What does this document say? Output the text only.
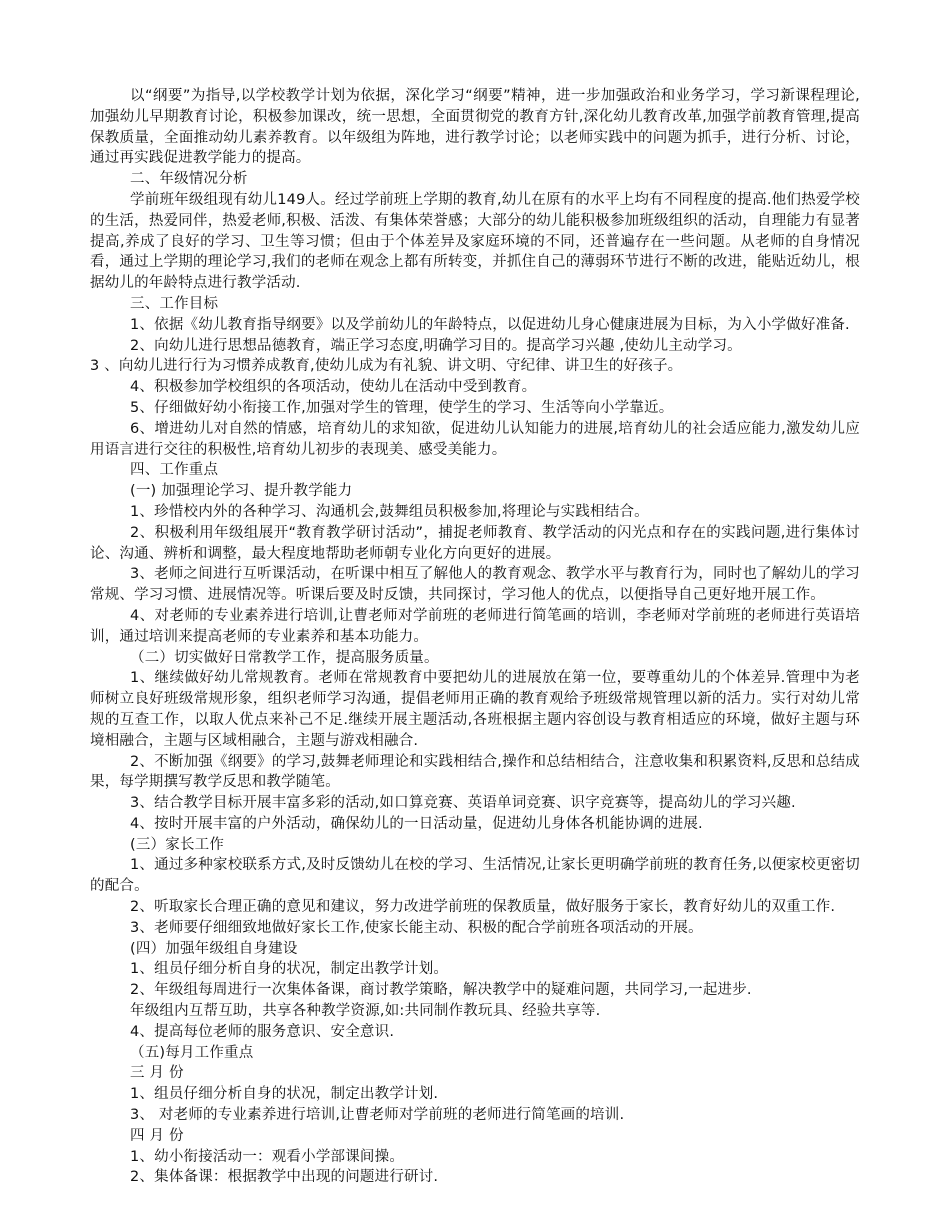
以“纲要”为指导,以学校教学计划为依据，深化学习“纲要”精神，进一步加强政治和业务学习，学习新课程理论,加强幼儿早期教育讨论，积极参加课改，统一思想，全面贯彻党的教育方针,深化幼儿教育改革,加强学前教育管理,提高保教质量，全面推动幼儿素养教育。以年级组为阵地，进行教学讨论；以老师实践中的问题为抓手，进行分析、讨论，通过再实践促进教学能力的提高。

二、年级情况分析

学前班年级组现有幼儿149人。经过学前班上学期的教育,幼儿在原有的水平上均有不同程度的提高.他们热爱学校的生活，热爱同伴，热爱老师,积极、活泼、有集体荣誉感；大部分的幼儿能积极参加班级组织的活动，自理能力有显著提高,养成了良好的学习、卫生等习惯；但由于个体差异及家庭环境的不同，还普遍存在一些问题。从老师的自身情况看，通过上学期的理论学习,我们的老师在观念上都有所转变，并抓住自己的薄弱环节进行不断的改进，能贴近幼儿，根据幼儿的年龄特点进行教学活动.

三、工作目标

1、依据《幼儿教育指导纲要》以及学前幼儿的年龄特点，以促进幼儿身心健康进展为目标，为入小学做好准备.

2、向幼儿进行思想品德教育，端正学习态度,明确学习目的。提高学习兴趣 ,使幼儿主动学习。

3 、向幼儿进行行为习惯养成教育,使幼儿成为有礼貌、讲文明、守纪律、讲卫生的好孩子。

4、积极参加学校组织的各项活动，使幼儿在活动中受到教育。

5、仔细做好幼小衔接工作,加强对学生的管理，使学生的学习、生活等向小学靠近。

6、增进幼儿对自然的情感，培育幼儿的求知欲，促进幼儿认知能力的进展,培育幼儿的社会适应能力,激发幼儿应用语言进行交往的积极性,培育幼儿初步的表现美、感受美能力。

四、工作重点

(一) 加强理论学习、提升教学能力

1、珍惜校内外的各种学习、沟通机会,鼓舞组员积极参加,将理论与实践相结合。

2、积极利用年级组展开“教育教学研讨活动”，捕捉老师教育、教学活动的闪光点和存在的实践问题,进行集体讨论、沟通、辨析和调整，最大程度地帮助老师朝专业化方向更好的进展。

3、老师之间进行互听课活动，在听课中相互了解他人的教育观念、教学水平与教育行为，同时也了解幼儿的学习常规、学习习惯、进展情况等。听课后要及时反馈，共同探讨，学习他人的优点，以便指导自己更好地开展工作。

4、对老师的专业素养进行培训,让曹老师对学前班的老师进行简笔画的培训，李老师对学前班的老师进行英语培训，通过培训来提高老师的专业素养和基本功能力。

（二）切实做好日常教学工作，提高服务质量。

1、继续做好幼儿常规教育。老师在常规教育中要把幼儿的进展放在第一位，要尊重幼儿的个体差异.管理中为老师树立良好班级常规形象，组织老师学习沟通，提倡老师用正确的教育观给予班级常规管理以新的活力。实行对幼儿常规的互查工作，以取人优点来补己不足.继续开展主题活动,各班根据主题内容创设与教育相适应的环境，做好主题与环境相融合，主题与区域相融合，主题与游戏相融合.

2、不断加强《纲要》的学习,鼓舞老师理论和实践相结合,操作和总结相结合，注意收集和积累资料,反思和总结成果，每学期撰写教学反思和教学随笔。

3、结合教学目标开展丰富多彩的活动,如口算竞赛、英语单词竞赛、识字竞赛等，提高幼儿的学习兴趣.

4、按时开展丰富的户外活动，确保幼儿的一日活动量，促进幼儿身体各机能协调的进展.

(三）家长工作

1、通过多种家校联系方式,及时反馈幼儿在校的学习、生活情况,让家长更明确学前班的教育任务,以便家校更密切的配合。

2、听取家长合理正确的意见和建议，努力改进学前班的保教质量，做好服务于家长，教育好幼儿的双重工作.

3、老师要仔细细致地做好家长工作,使家长能主动、积极的配合学前班各项活动的开展。

(四）加强年级组自身建设

1、组员仔细分析自身的状况，制定出教学计划。

2、年级组每周进行一次集体备课，商讨教学策略，解决教学中的疑难问题，共同学习,一起进步.

年级组内互帮互助，共享各种教学资源,如:共同制作教玩具、经验共享等.

4、提高每位老师的服务意识、安全意识.

（五)每月工作重点

三 月 份

1、组员仔细分析自身的状况，制定出教学计划.

3、 对老师的专业素养进行培训,让曹老师对学前班的老师进行简笔画的培训.

四 月 份

1、幼小衔接活动一：观看小学部课间操。

2、集体备课：根据教学中出现的问题进行研讨.
